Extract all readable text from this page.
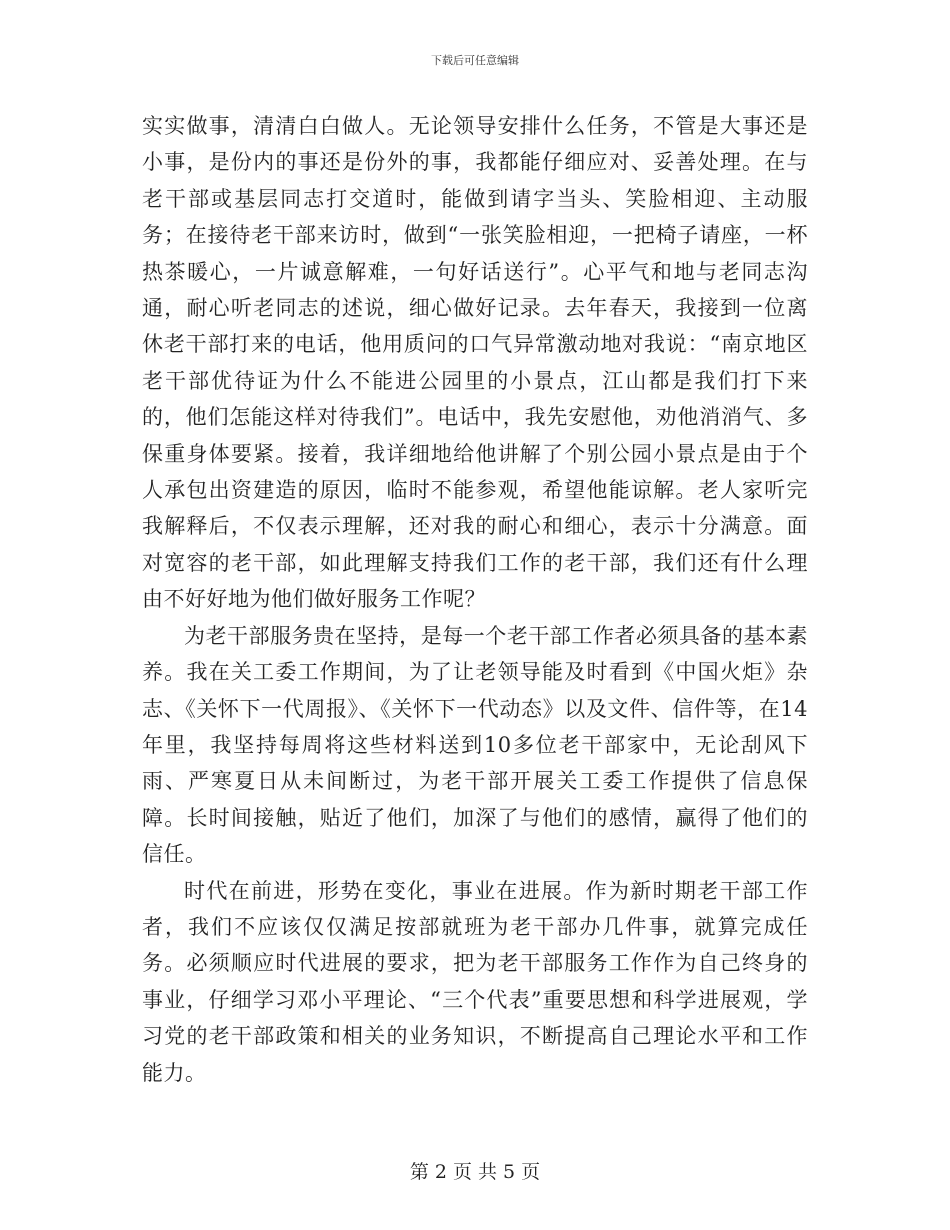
下载后可任意编辑

实实做事，清清白白做人。无论领导安排什么任务，不管是大事还是小事，是份内的事还是份外的事，我都能仔细应对、妥善处理。在与老干部或基层同志打交道时，能做到请字当头、笑脸相迎、主动服务；在接待老干部来访时，做到“一张笑脸相迎，一把椅子请座，一杯热茶暖心，一片诚意解难，一句好话送行”。心平气和地与老同志沟通，耐心听老同志的述说，细心做好记录。去年春天，我接到一位离休老干部打来的电话，他用质问的口气异常激动地对我说：“南京地区老干部优待证为什么不能进公园里的小景点，江山都是我们打下来的，他们怎能这样对待我们”。电话中，我先安慰他，劝他消消气、多保重身体要紧。接着，我详细地给他讲解了个别公园小景点是由于个人承包出资建造的原因，临时不能参观，希望他能谅解。老人家听完我解释后，不仅表示理解，还对我的耐心和细心，表示十分满意。面对宽容的老干部，如此理解支持我们工作的老干部，我们还有什么理由不好好地为他们做好服务工作呢？

为老干部服务贵在坚持，是每一个老干部工作者必须具备的基本素养。我在关工委工作期间，为了让老领导能及时看到《中国火炬》杂志、《关怀下一代周报》、《关怀下一代动态》以及文件、信件等，在14年里，我坚持每周将这些材料送到10多位老干部家中，无论刮风下雨、严寒夏日从未间断过，为老干部开展关工委工作提供了信息保障。长时间接触，贴近了他们，加深了与他们的感情，赢得了他们的信任。

时代在前进，形势在变化，事业在进展。作为新时期老干部工作者，我们不应该仅仅满足按部就班为老干部办几件事，就算完成任务。必须顺应时代进展的要求，把为老干部服务工作作为自己终身的事业，仔细学习邓小平理论、“三个代表”重要思想和科学进展观，学习党的老干部政策和相关的业务知识，不断提高自己理论水平和工作能力。

第 2 页 共 5 页
